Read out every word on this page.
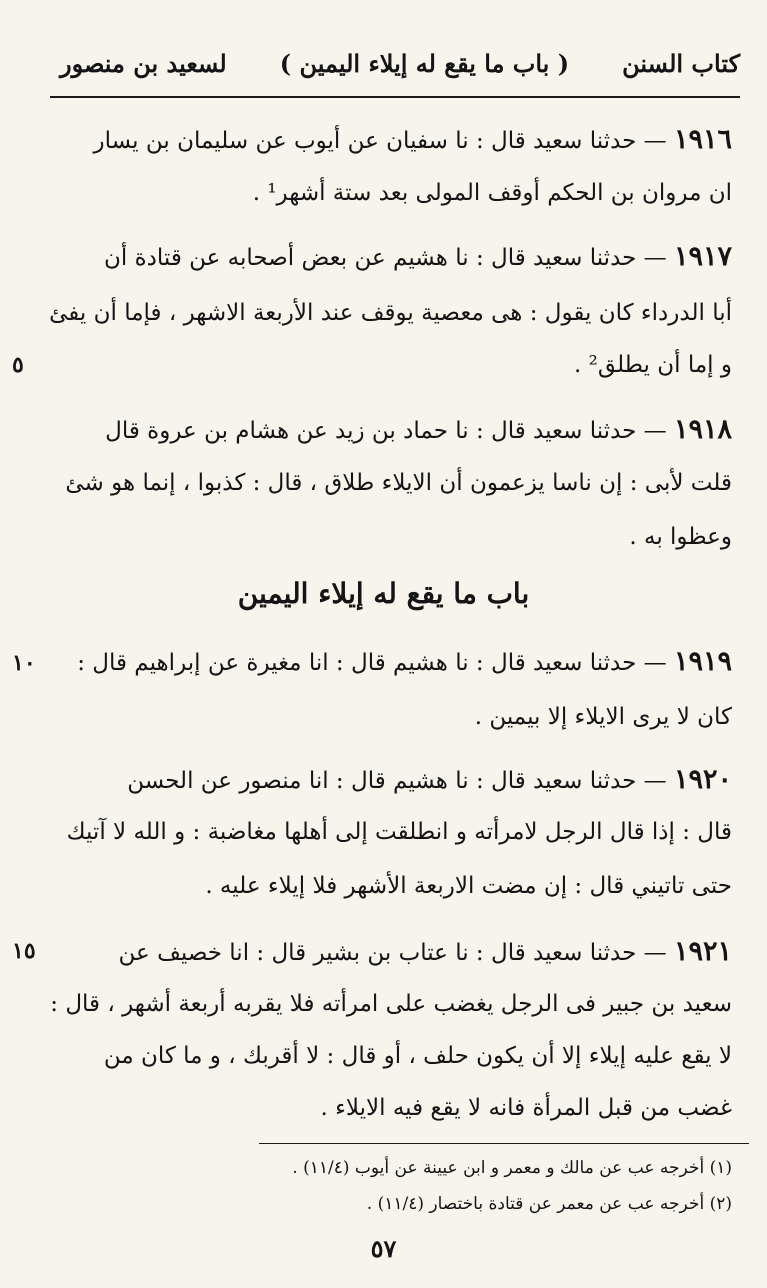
كتاب السنن
( باب ما يقع له إيلاء اليمين )
لسعيد بن منصور
١٩١٦ — حدثنا سعيد قال : نا سفيان عن أيوب عن سليمان بن يسار
ان مروان بن الحكم أوقف المولى بعد ستة أشهر¹ .
١٩١٧ — حدثنا سعيد قال : نا هشيم عن بعض أصحابه عن قتادة أن
أبا الدرداء كان يقول : هى معصية يوقف عند الأربعة الاشهر ، فإما أن يفئ
و إما أن يطلق² .
٥
١٩١٨ — حدثنا سعيد قال : نا حماد بن زيد عن هشام بن عروة قال
قلت لأبى : إن ناسا يزعمون أن الايلاء طلاق ، قال : كذبوا ، إنما هو شئ
وعظوا به .
باب ما يقع له إيلاء اليمين
١٩١٩ — حدثنا سعيد قال : نا هشيم قال : انا مغيرة عن إبراهيم قال :
١٠
كان لا يرى الايلاء إلا بيمين .
١٩٢٠ — حدثنا سعيد قال : نا هشيم قال : انا منصور عن الحسن
قال : إذا قال الرجل لامرأته و انطلقت إلى أهلها مغاضبة : و الله لا آتيك
حتى تاتيني قال : إن مضت الاربعة الأشهر فلا إيلاء عليه .
١٩٢١ — حدثنا سعيد قال : نا عتاب بن بشير قال : انا خصيف عن
١٥
سعيد بن جبير فى الرجل يغضب على امرأته فلا يقربه أربعة أشهر ، قال :
لا يقع عليه إيلاء إلا أن يكون حلف ، أو قال : لا أقربك ، و ما كان من
غضب من قبل المرأة فانه لا يقع فيه الايلاء .
(١) أخرجه عب عن مالك و معمر و ابن عيينة عن أيوب (١١/٤) .
(٢) أخرجه عب عن معمر عن قتادة باختصار (١١/٤) .
٥٧
